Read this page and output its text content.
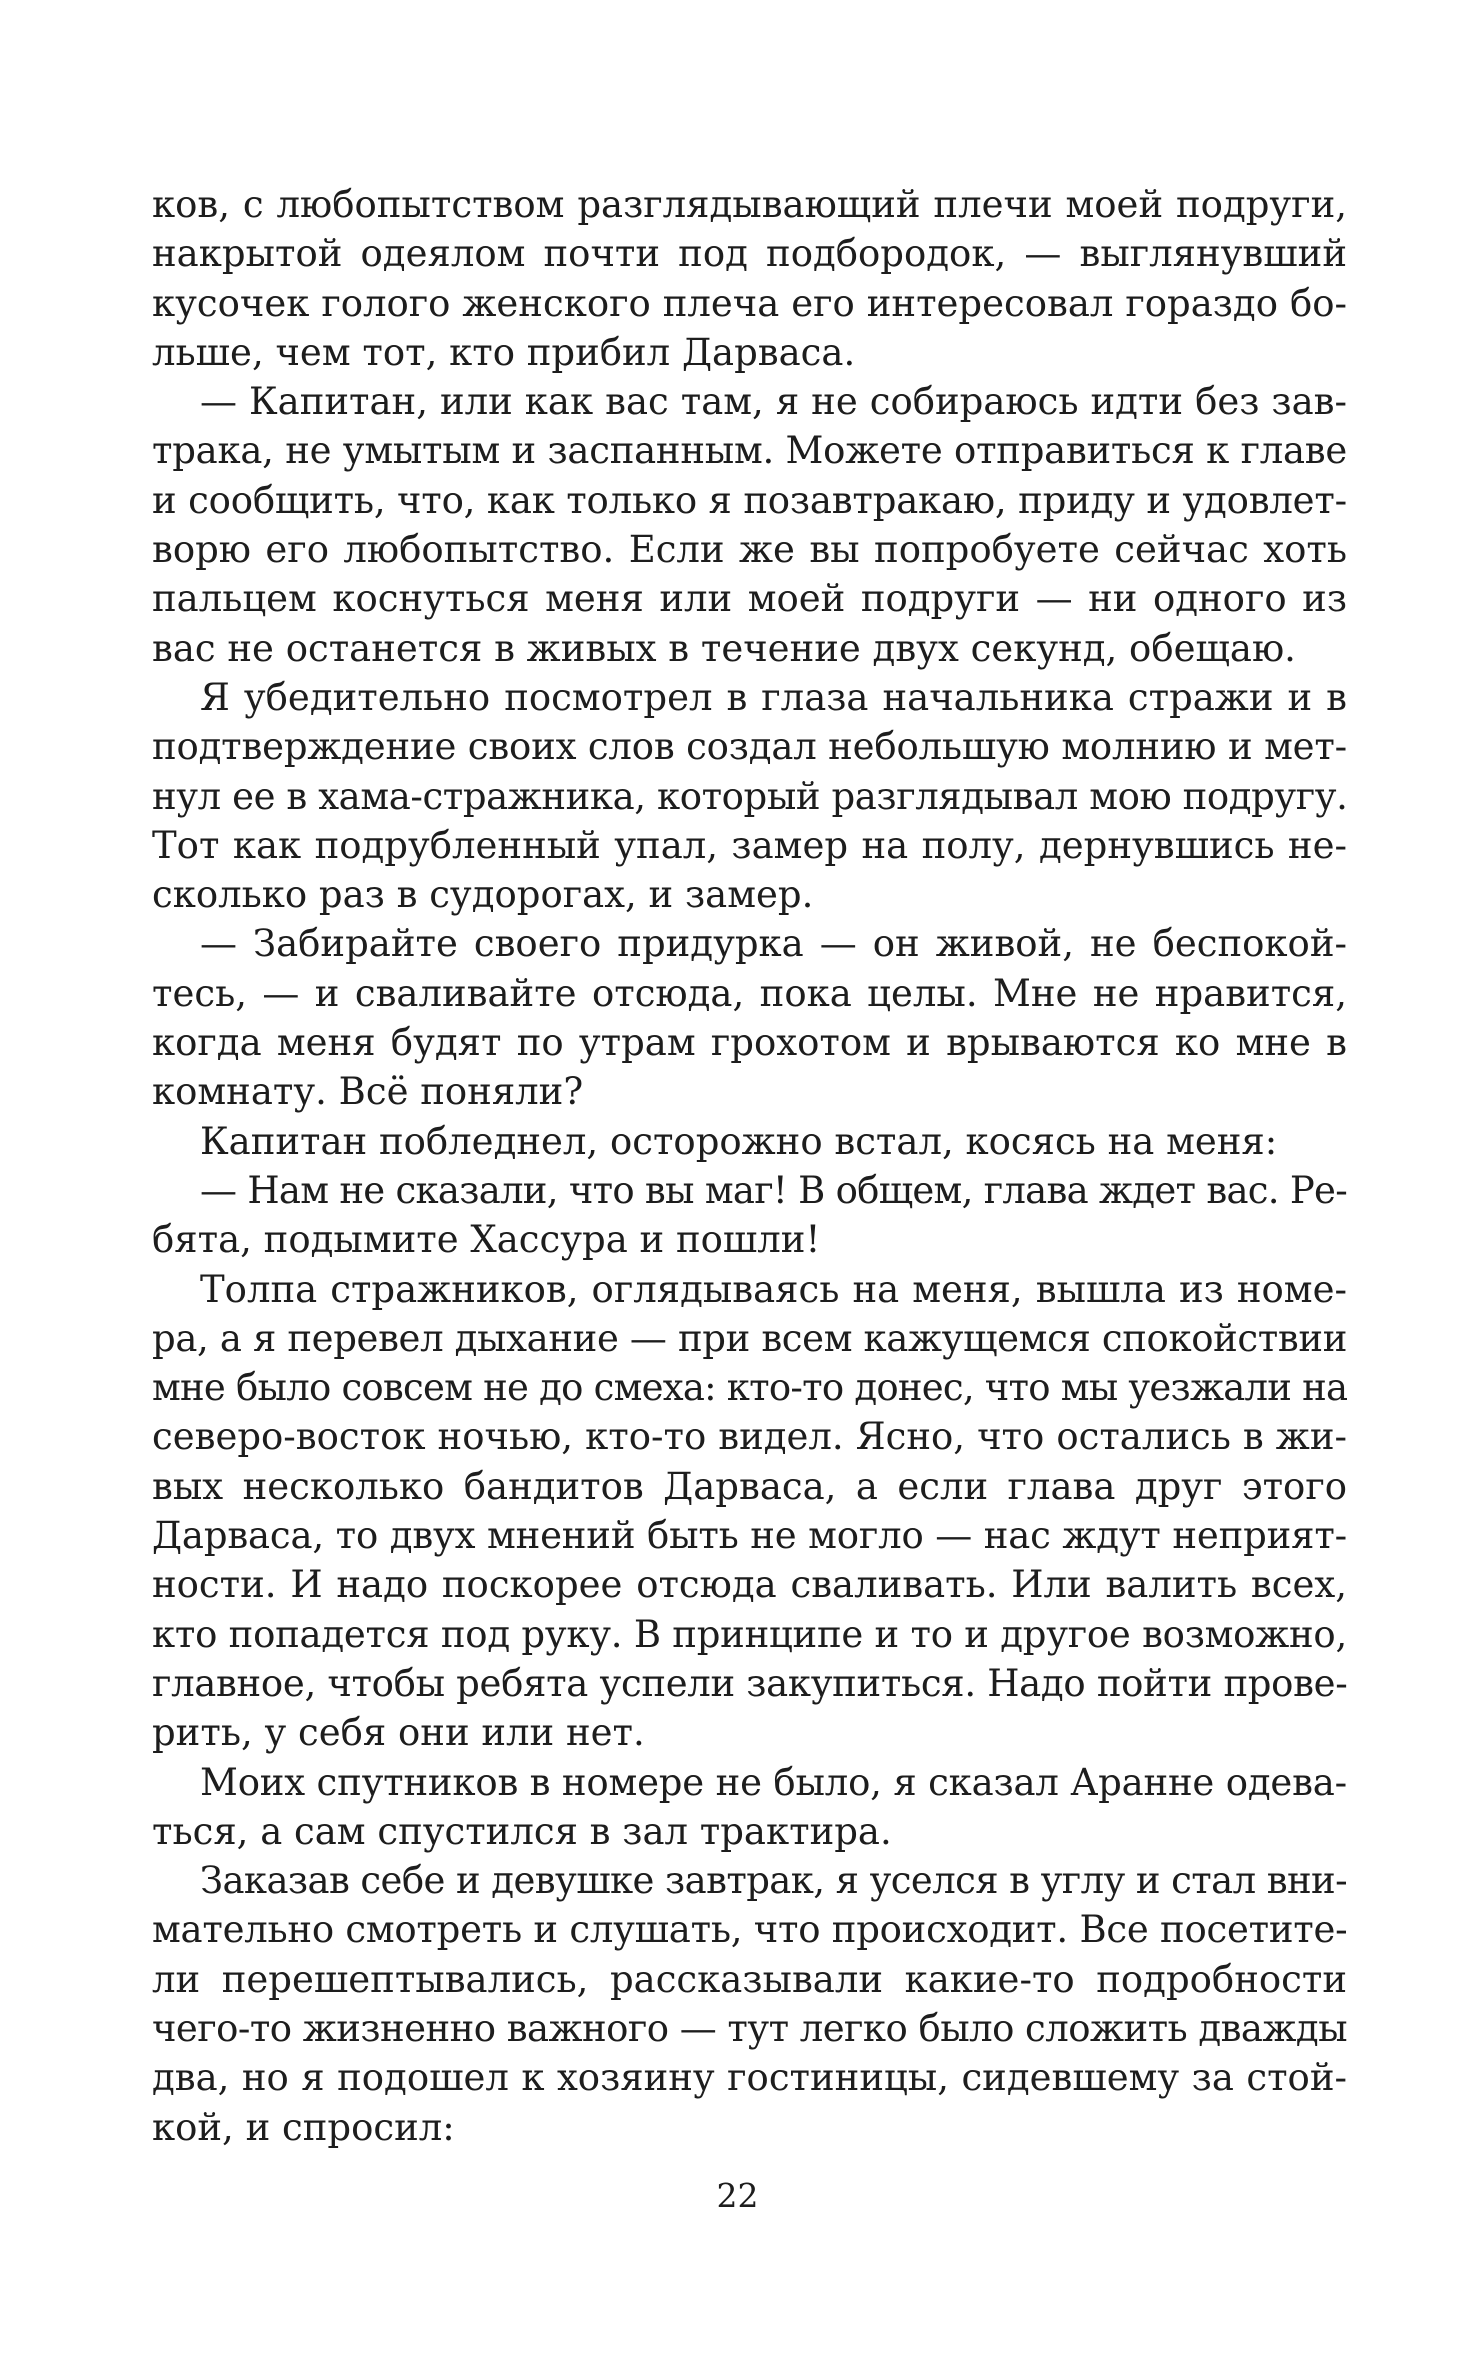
ков, с любопытством разглядывающий плечи моей подруги,
накрытой одеялом почти под подбородок, — выглянувший
кусочек голого женского плеча его интересовал гораздо бо-
льше, чем тот, кто прибил Дарваса.
— Капитан, или как вас там, я не собираюсь идти без зав-
трака, не умытым и заспанным. Можете отправиться к главе
и сообщить, что, как только я позавтракаю, приду и удовлет-
ворю его любопытство. Если же вы попробуете сейчас хоть
пальцем коснуться меня или моей подруги — ни одного из
вас не останется в живых в течение двух секунд, обещаю.
Я убедительно посмотрел в глаза начальника стражи и в
подтверждение своих слов создал небольшую молнию и мет-
нул ее в хама-стражника, который разглядывал мою подругу.
Тот как подрубленный упал, замер на полу, дернувшись не-
сколько раз в судорогах, и замер.
— Забирайте своего придурка — он живой, не беспокой-
тесь, — и сваливайте отсюда, пока целы. Мне не нравится,
когда меня будят по утрам грохотом и врываются ко мне в
комнату. Всё поняли?
Капитан побледнел, осторожно встал, косясь на меня:
— Нам не сказали, что вы маг! В общем, глава ждет вас. Ре-
бята, подымите Хассура и пошли!
Толпа стражников, оглядываясь на меня, вышла из номе-
ра, а я перевел дыхание — при всем кажущемся спокойствии
мне было совсем не до смеха: кто-то донес, что мы уезжали на
северо-восток ночью, кто-то видел. Ясно, что остались в жи-
вых несколько бандитов Дарваса, а если глава друг этого
Дарваса, то двух мнений быть не могло — нас ждут неприят-
ности. И надо поскорее отсюда сваливать. Или валить всех,
кто попадется под руку. В принципе и то и другое возможно,
главное, чтобы ребята успели закупиться. Надо пойти прове-
рить, у себя они или нет.
Моих спутников в номере не было, я сказал Аранне одева-
ться, а сам спустился в зал трактира.
Заказав себе и девушке завтрак, я уселся в углу и стал вни-
мательно смотреть и слушать, что происходит. Все посетите-
ли перешептывались, рассказывали какие-то подробности
чего-то жизненно важного — тут легко было сложить дважды
два, но я подошел к хозяину гостиницы, сидевшему за стой-
кой, и спросил:
22
